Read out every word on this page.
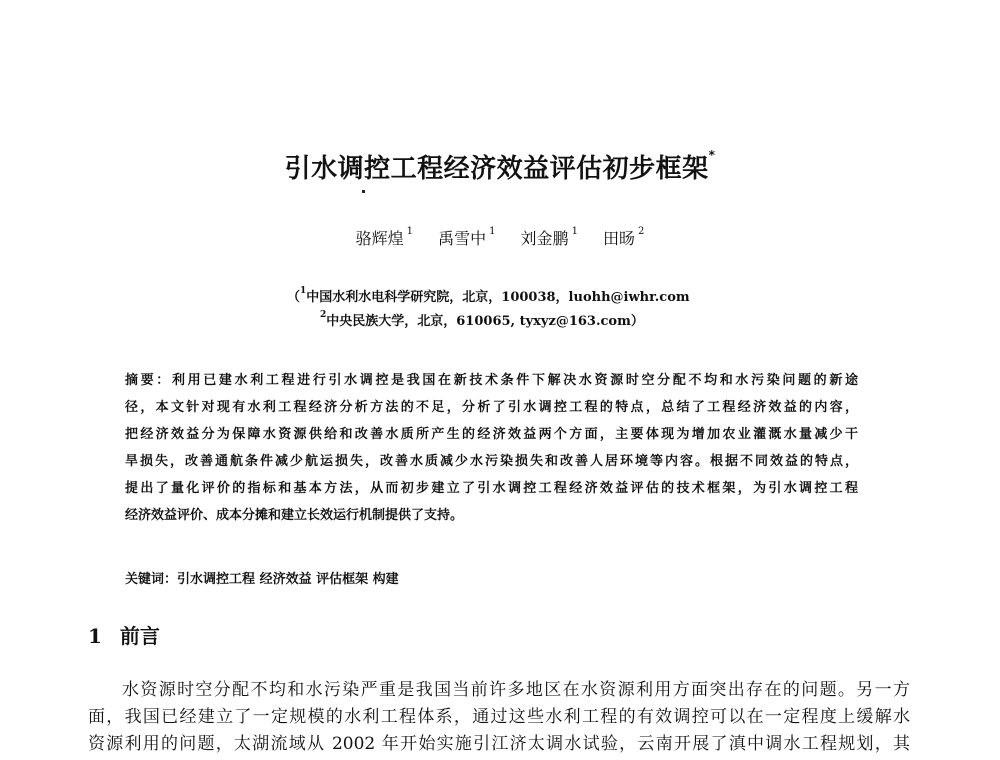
引水调控工程经济效益评估初步框架*
骆辉煌 $^1$ 禹雪中 $^1$ 刘金鹏 $^1$ 田旸 $^2$
（$^1$中国水利水电科学研究院，北京，100038，luohh@iwhr.com
$^2$中央民族大学，北京，610065, tyxyz@163.com）
摘要：利用已建水利工程进行引水调控是我国在新技术条件下解决水资源时空分配不均和水污染问题的新途
径，本文针对现有水利工程经济分析方法的不足，分析了引水调控工程的特点，总结了工程经济效益的内容，
把经济效益分为保障水资源供给和改善水质所产生的经济效益两个方面，主要体现为增加农业灌溉水量减少干
旱损失，改善通航条件减少航运损失，改善水质减少水污染损失和改善人居环境等内容。根据不同效益的特点，
提出了量化评价的指标和基本方法，从而初步建立了引水调控工程经济效益评估的技术框架，为引水调控工程
经济效益评价、成本分摊和建立长效运行机制提供了支持。
关键词：引水调控工程 经济效益 评估框架 构建
1 前言
水资源时空分配不均和水污染严重是我国当前许多地区在水资源利用方面突出存在的问题。另一方
面，我国已经建立了一定规模的水利工程体系，通过这些水利工程的有效调控可以在一定程度上缓解水
资源利用的问题，太湖流域从 2002 年开始实施引江济太调水试验，云南开展了滇中调水工程规划，其
